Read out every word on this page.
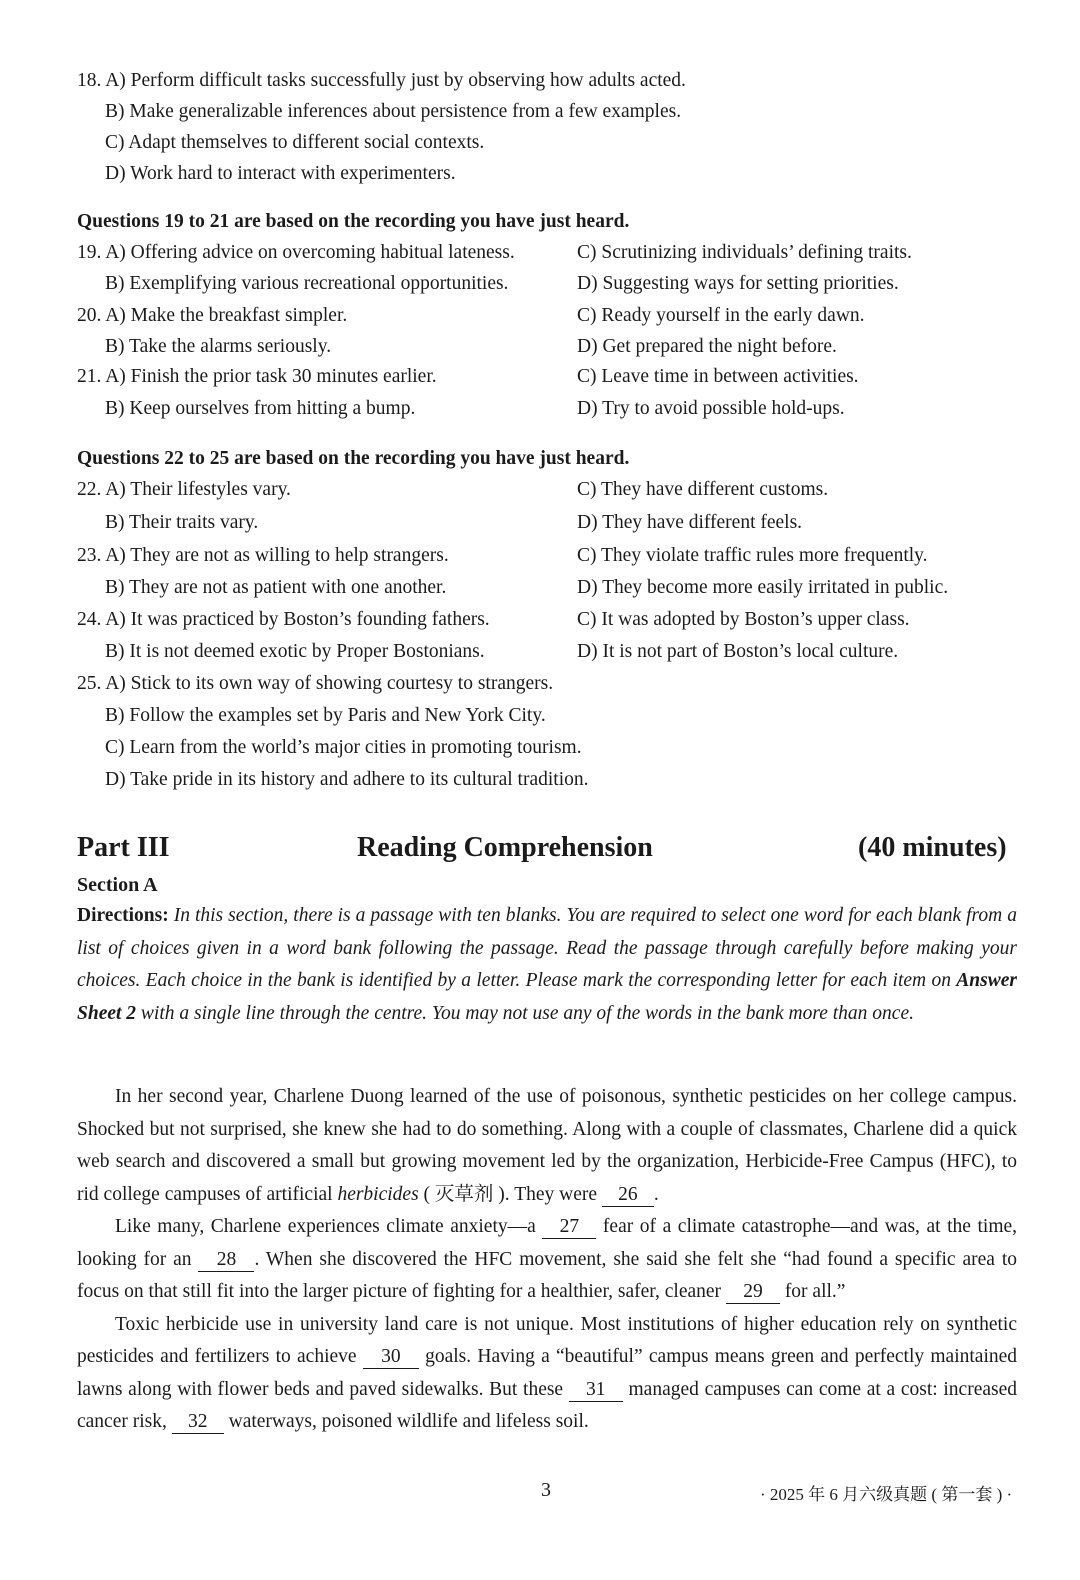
18. A) Perform difficult tasks successfully just by observing how adults acted.
B) Make generalizable inferences about persistence from a few examples.
C) Adapt themselves to different social contexts.
D) Work hard to interact with experimenters.
Questions 19 to 21 are based on the recording you have just heard.
19. A) Offering advice on overcoming habitual lateness.	C) Scrutinizing individuals’ defining traits.
B) Exemplifying various recreational opportunities.	D) Suggesting ways for setting priorities.
20. A) Make the breakfast simpler.	C) Ready yourself in the early dawn.
B) Take the alarms seriously.	D) Get prepared the night before.
21. A) Finish the prior task 30 minutes earlier.	C) Leave time in between activities.
B) Keep ourselves from hitting a bump.	D) Try to avoid possible hold-ups.
Questions 22 to 25 are based on the recording you have just heard.
22. A) Their lifestyles vary.	C) They have different customs.
B) Their traits vary.	D) They have different feels.
23. A) They are not as willing to help strangers.	C) They violate traffic rules more frequently.
B) They are not as patient with one another.	D) They become more easily irritated in public.
24. A) It was practiced by Boston’s founding fathers.	C) It was adopted by Boston’s upper class.
B) It is not deemed exotic by Proper Bostonians.	D) It is not part of Boston’s local culture.
25. A) Stick to its own way of showing courtesy to strangers.
B) Follow the examples set by Paris and New York City.
C) Learn from the world’s major cities in promoting tourism.
D) Take pride in its history and adhere to its cultural tradition.
Part III	Reading Comprehension	(40 minutes)
Section A
Directions: In this section, there is a passage with ten blanks. You are required to select one word for each blank from a list of choices given in a word bank following the passage. Read the passage through carefully before making your choices. Each choice in the bank is identified by a letter. Please mark the corresponding letter for each item on Answer Sheet 2 with a single line through the centre. You may not use any of the words in the bank more than once.

In her second year, Charlene Duong learned of the use of poisonous, synthetic pesticides on her college campus. Shocked but not surprised, she knew she had to do something. Along with a couple of classmates, Charlene did a quick web search and discovered a small but growing movement led by the organization, Herbicide-Free Campus (HFC), to rid college campuses of artificial herbicides ( 灭草剂 ). They were 26 .

Like many, Charlene experiences climate anxiety—a 27 fear of a climate catastrophe—and was, at the time, looking for an 28 . When she discovered the HFC movement, she said she felt she “had found a specific area to focus on that still fit into the larger picture of fighting for a healthier, safer, cleaner 29 for all.”

Toxic herbicide use in university land care is not unique. Most institutions of higher education rely on synthetic pesticides and fertilizers to achieve 30 goals. Having a “beautiful” campus means green and perfectly maintained lawns along with flower beds and paved sidewalks. But these 31 managed campuses can come at a cost: increased cancer risk, 32 waterways, poisoned wildlife and lifeless soil.

3	· 2025 年 6 月六级真题 ( 第一套 ) ·
